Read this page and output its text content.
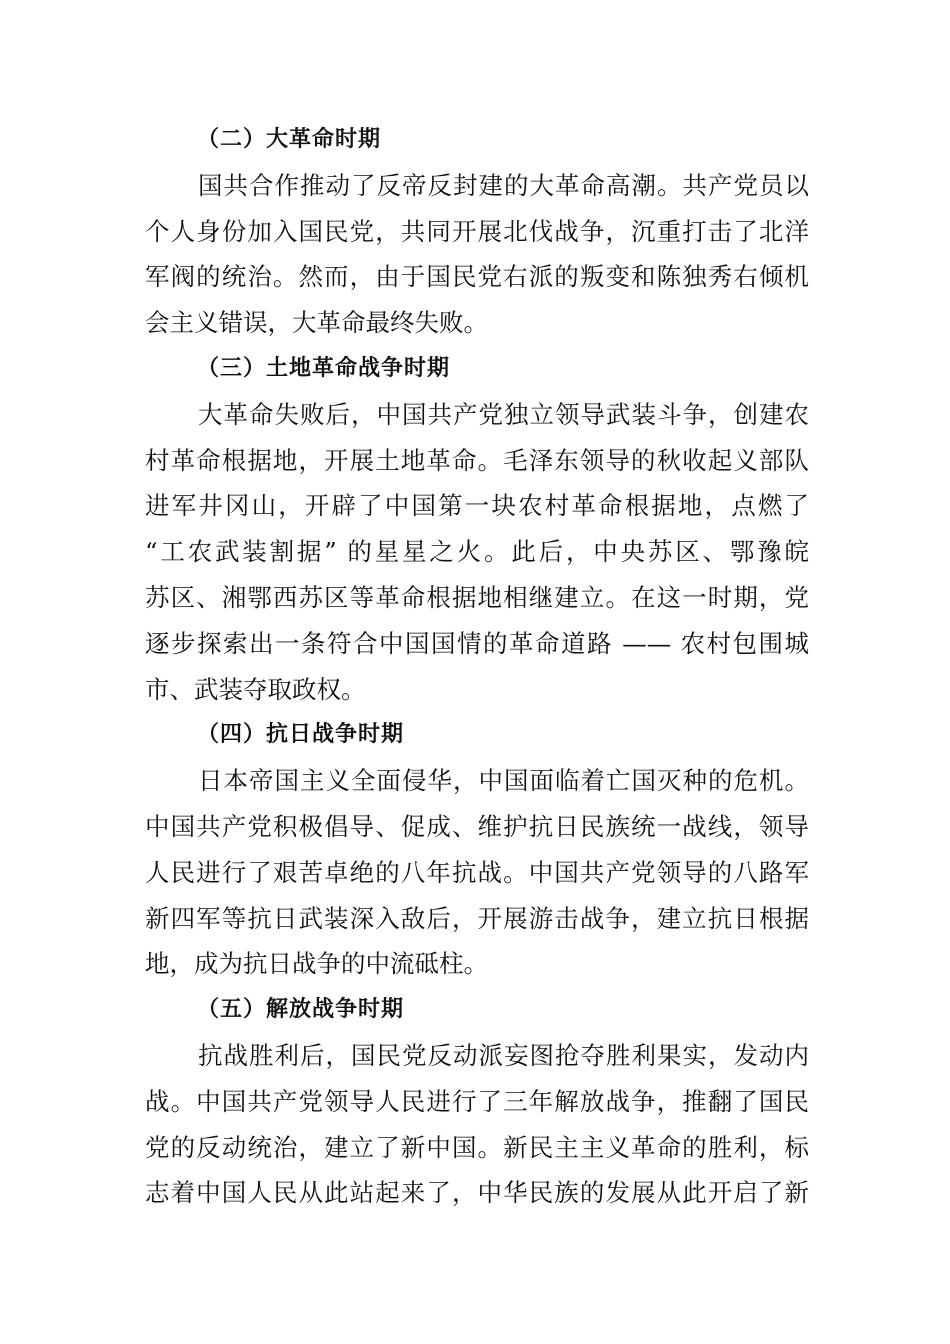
（二）大革命时期

国共合作推动了反帝反封建的大革命高潮。共产党员以
个人身份加入国民党，共同开展北伐战争，沉重打击了北洋
军阀的统治。然而，由于国民党右派的叛变和陈独秀右倾机
会主义错误，大革命最终失败。

（三）土地革命战争时期

大革命失败后，中国共产党独立领导武装斗争，创建农
村革命根据地，开展土地革命。毛泽东领导的秋收起义部队
进军井冈山，开辟了中国第一块农村革命根据地，点燃了
“工农武装割据” 的星星之火。此后，中央苏区、鄂豫皖
苏区、湘鄂西苏区等革命根据地相继建立。在这一时期，党
逐步探索出一条符合中国国情的革命道路 —— 农村包围城
市、武装夺取政权。

（四）抗日战争时期

日本帝国主义全面侵华，中国面临着亡国灭种的危机。
中国共产党积极倡导、促成、维护抗日民族统一战线，领导
人民进行了艰苦卓绝的八年抗战。中国共产党领导的八路军
新四军等抗日武装深入敌后，开展游击战争，建立抗日根据
地，成为抗日战争的中流砥柱。

（五）解放战争时期

抗战胜利后，国民党反动派妄图抢夺胜利果实，发动内
战。中国共产党领导人民进行了三年解放战争，推翻了国民
党的反动统治，建立了新中国。新民主主义革命的胜利，标
志着中国人民从此站起来了，中华民族的发展从此开启了新
